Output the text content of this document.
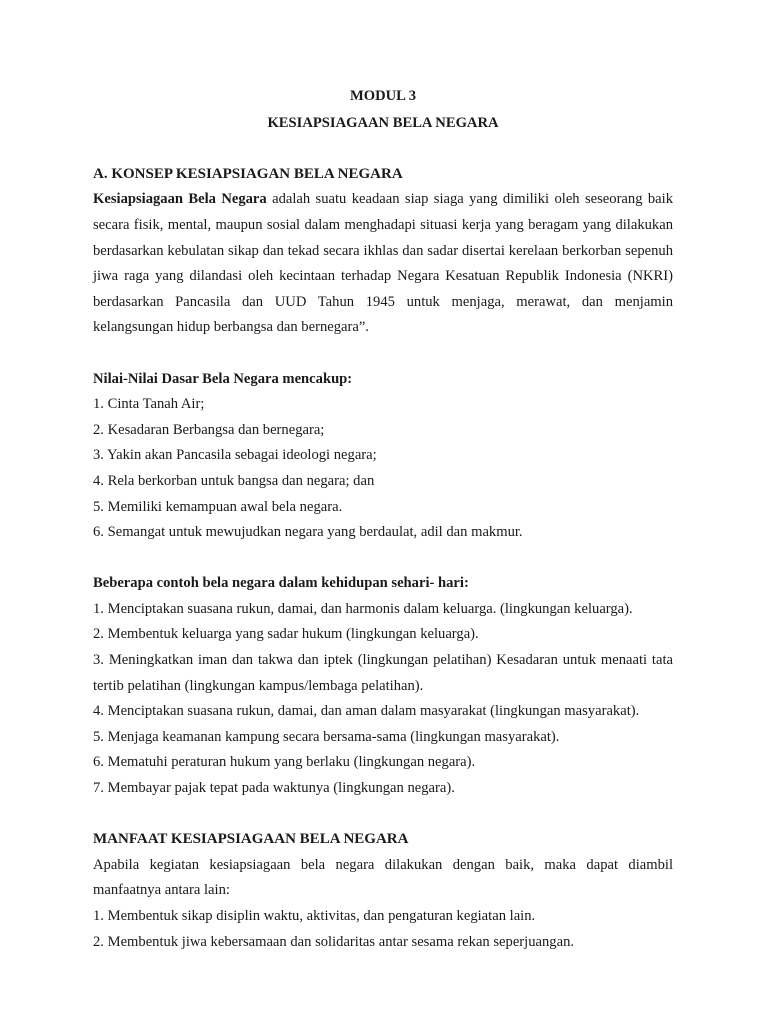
MODUL 3

KESIAPSIAGAAN BELA NEGARA

A. KONSEP KESIAPSIAGAN BELA NEGARA

Kesiapsiagaan Bela Negara adalah suatu keadaan siap siaga yang dimiliki oleh seseorang baik secara fisik, mental, maupun sosial dalam menghadapi situasi kerja yang beragam yang dilakukan berdasarkan kebulatan sikap dan tekad secara ikhlas dan sadar disertai kerelaan berkorban sepenuh jiwa raga yang dilandasi oleh kecintaan terhadap Negara Kesatuan Republik Indonesia (NKRI) berdasarkan Pancasila dan UUD Tahun 1945 untuk menjaga, merawat, dan menjamin kelangsungan hidup berbangsa dan bernegara”.

Nilai-Nilai Dasar Bela Negara mencakup:

1. Cinta Tanah Air;

2. Kesadaran Berbangsa dan bernegara;

3. Yakin akan Pancasila sebagai ideologi negara;

4. Rela berkorban untuk bangsa dan negara; dan

5. Memiliki kemampuan awal bela negara.

6. Semangat untuk mewujudkan negara yang berdaulat, adil dan makmur.

Beberapa contoh bela negara dalam kehidupan sehari- hari:

1. Menciptakan suasana rukun, damai, dan harmonis dalam keluarga. (lingkungan keluarga).

2. Membentuk keluarga yang sadar hukum (lingkungan keluarga).

3. Meningkatkan iman dan takwa dan iptek (lingkungan pelatihan) Kesadaran untuk menaati tata tertib pelatihan (lingkungan kampus/lembaga pelatihan).

4. Menciptakan suasana rukun, damai, dan aman dalam masyarakat (lingkungan masyarakat).

5. Menjaga keamanan kampung secara bersama-sama (lingkungan masyarakat).

6. Mematuhi peraturan hukum yang berlaku (lingkungan negara).

7. Membayar pajak tepat pada waktunya (lingkungan negara).

MANFAAT KESIAPSIAGAAN BELA NEGARA

Apabila kegiatan kesiapsiagaan bela negara dilakukan dengan baik, maka dapat diambil manfaatnya antara lain:

1. Membentuk sikap disiplin waktu, aktivitas, dan pengaturan kegiatan lain.

2. Membentuk jiwa kebersamaan dan solidaritas antar sesama rekan seperjuangan.
